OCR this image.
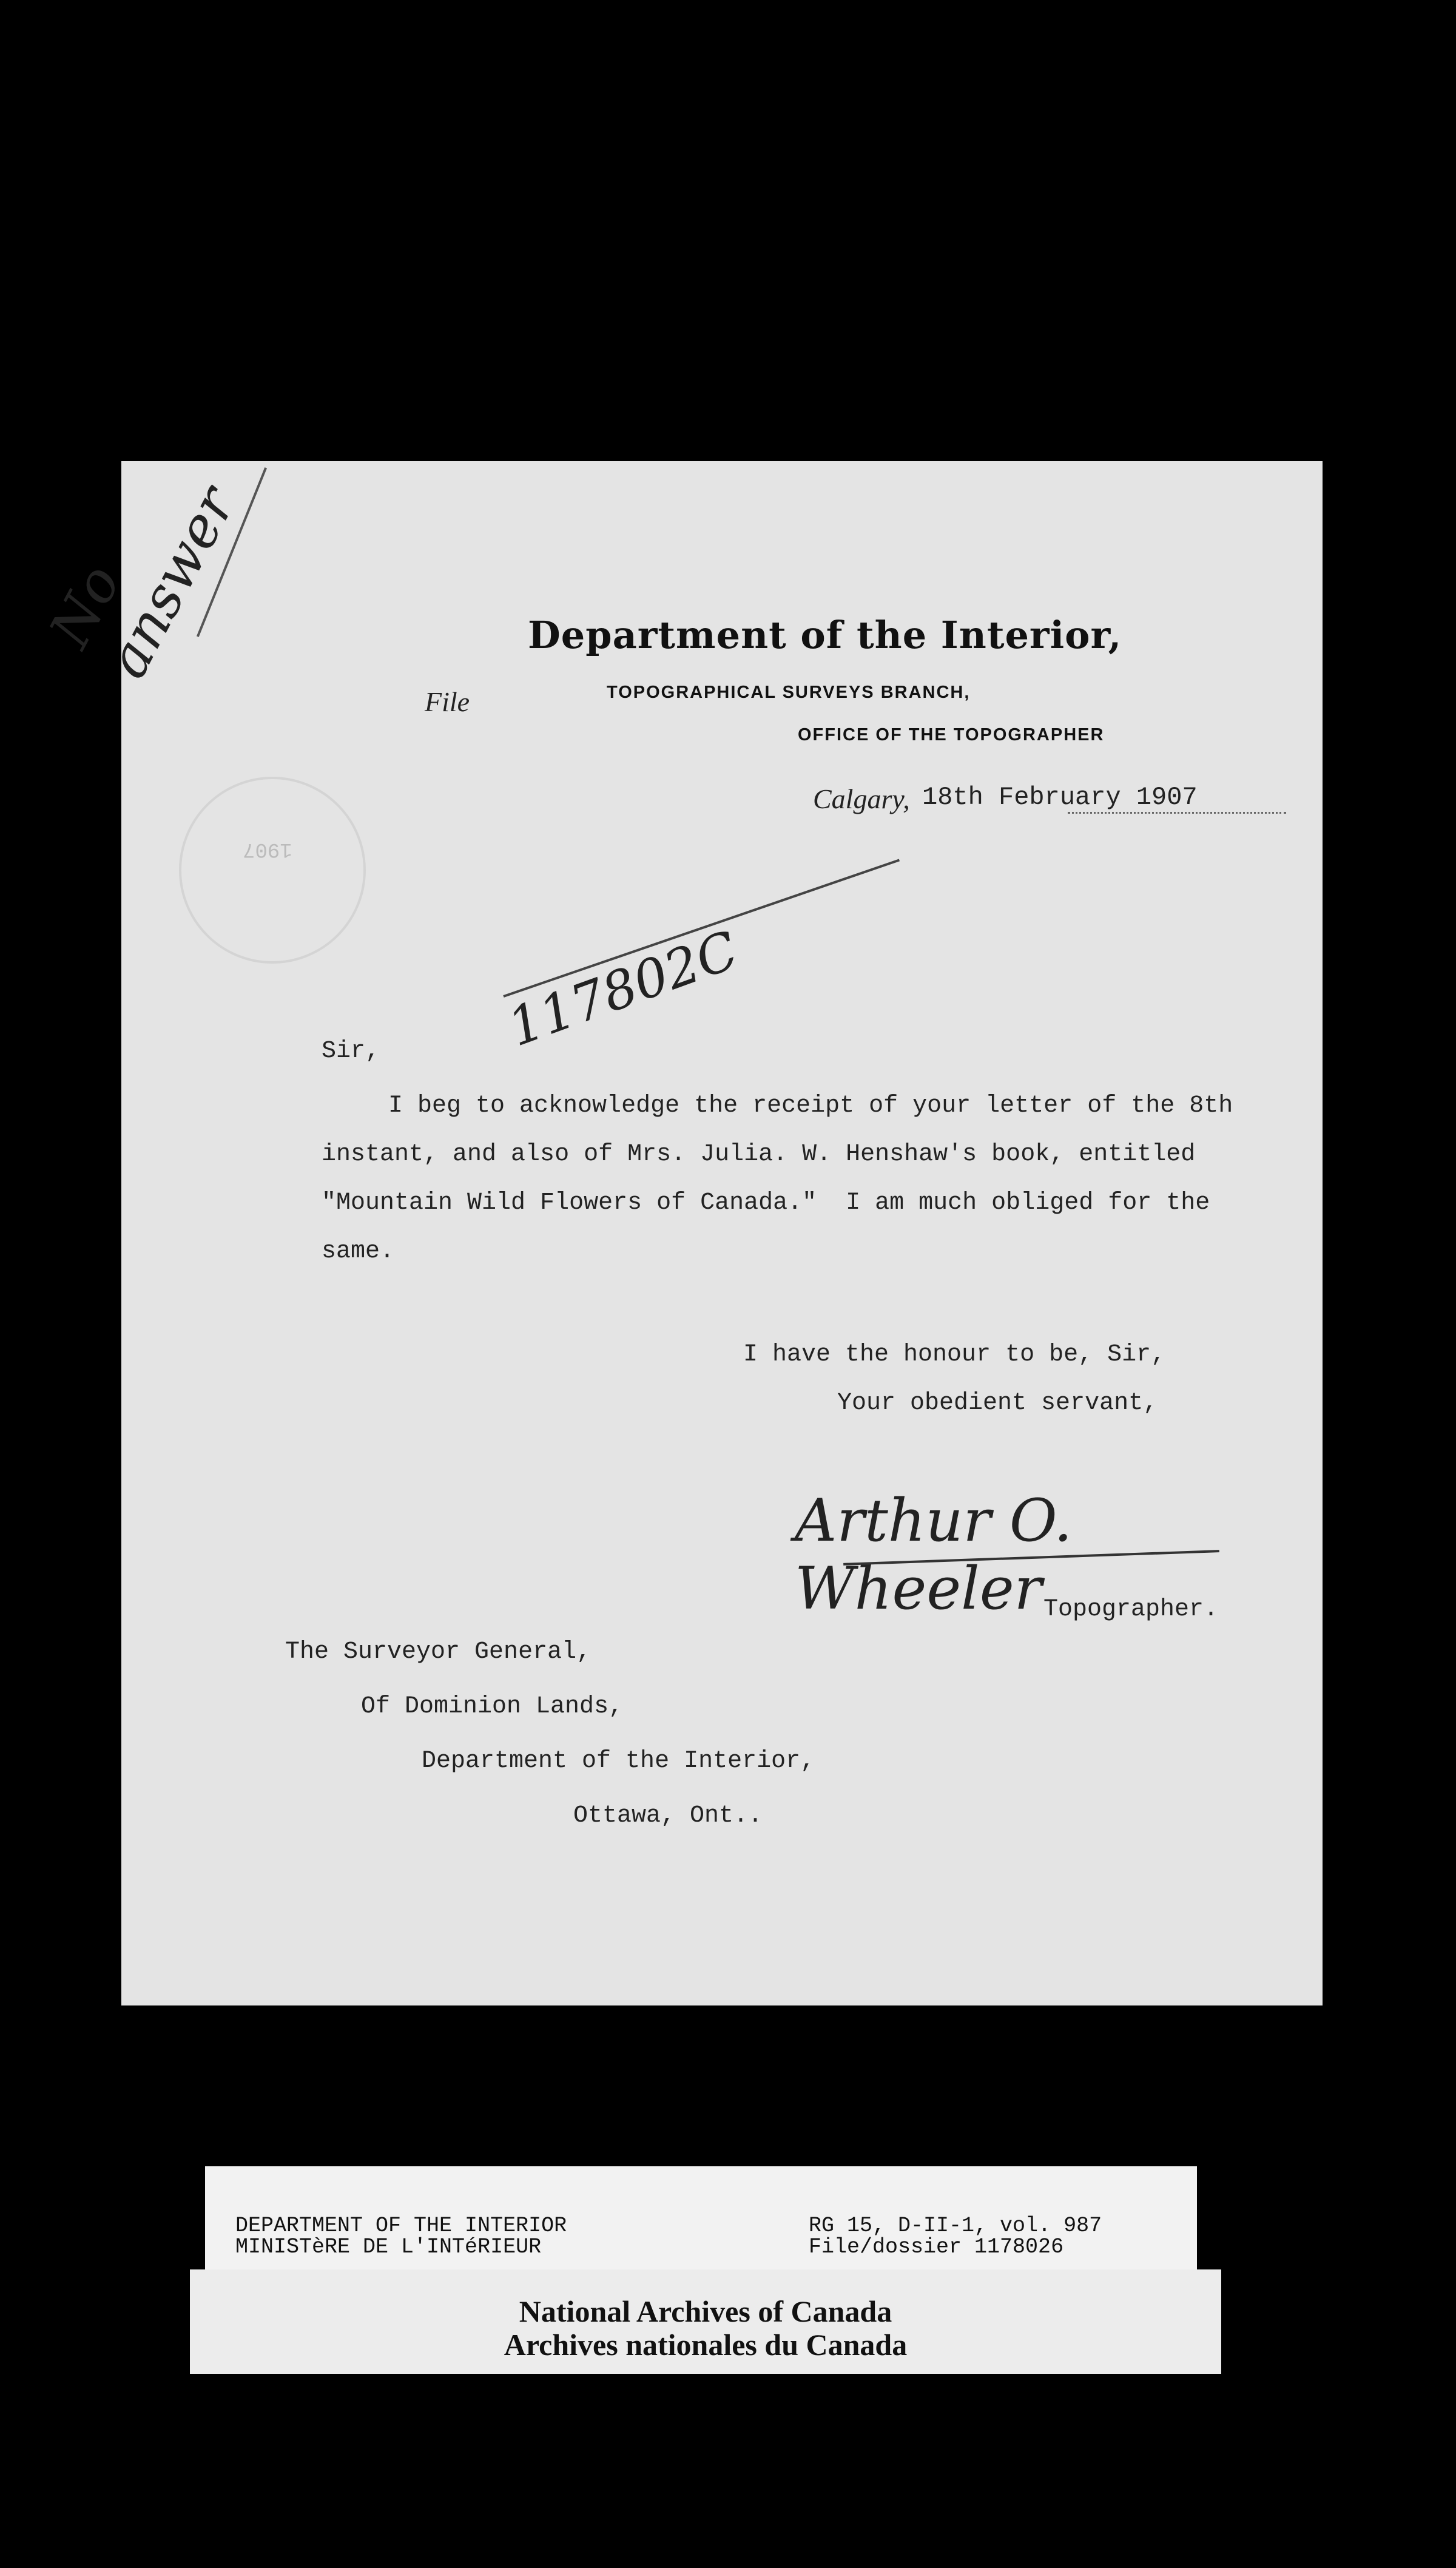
No answer	Department of the Interior,
File	TOPOGRAPHICAL SURVEYS BRANCH,
OFFICE OF THE TOPOGRAPHER
Calgary, 18th February 1907
1907
117802C
Sir,
I beg to acknowledge the receipt of your letter of the 8th
instant, and also of Mrs. Julia. W. Henshaw's book, entitled
"Mountain Wild Flowers of Canada."  I am much obliged for the
same.
I have the honour to be, Sir,
Your obedient servant,
Arthur O. Wheeler Topographer.
The Surveyor General,
Of Dominion Lands,
Department of the Interior,
Ottawa, Ont..
DEPARTMENT OF THE INTERIOR
MINISTèRE DE L'INTéRIEUR
RG 15, D-II-1, vol. 987
File/dossier 1178026
National Archives of Canada
Archives nationales du Canada
